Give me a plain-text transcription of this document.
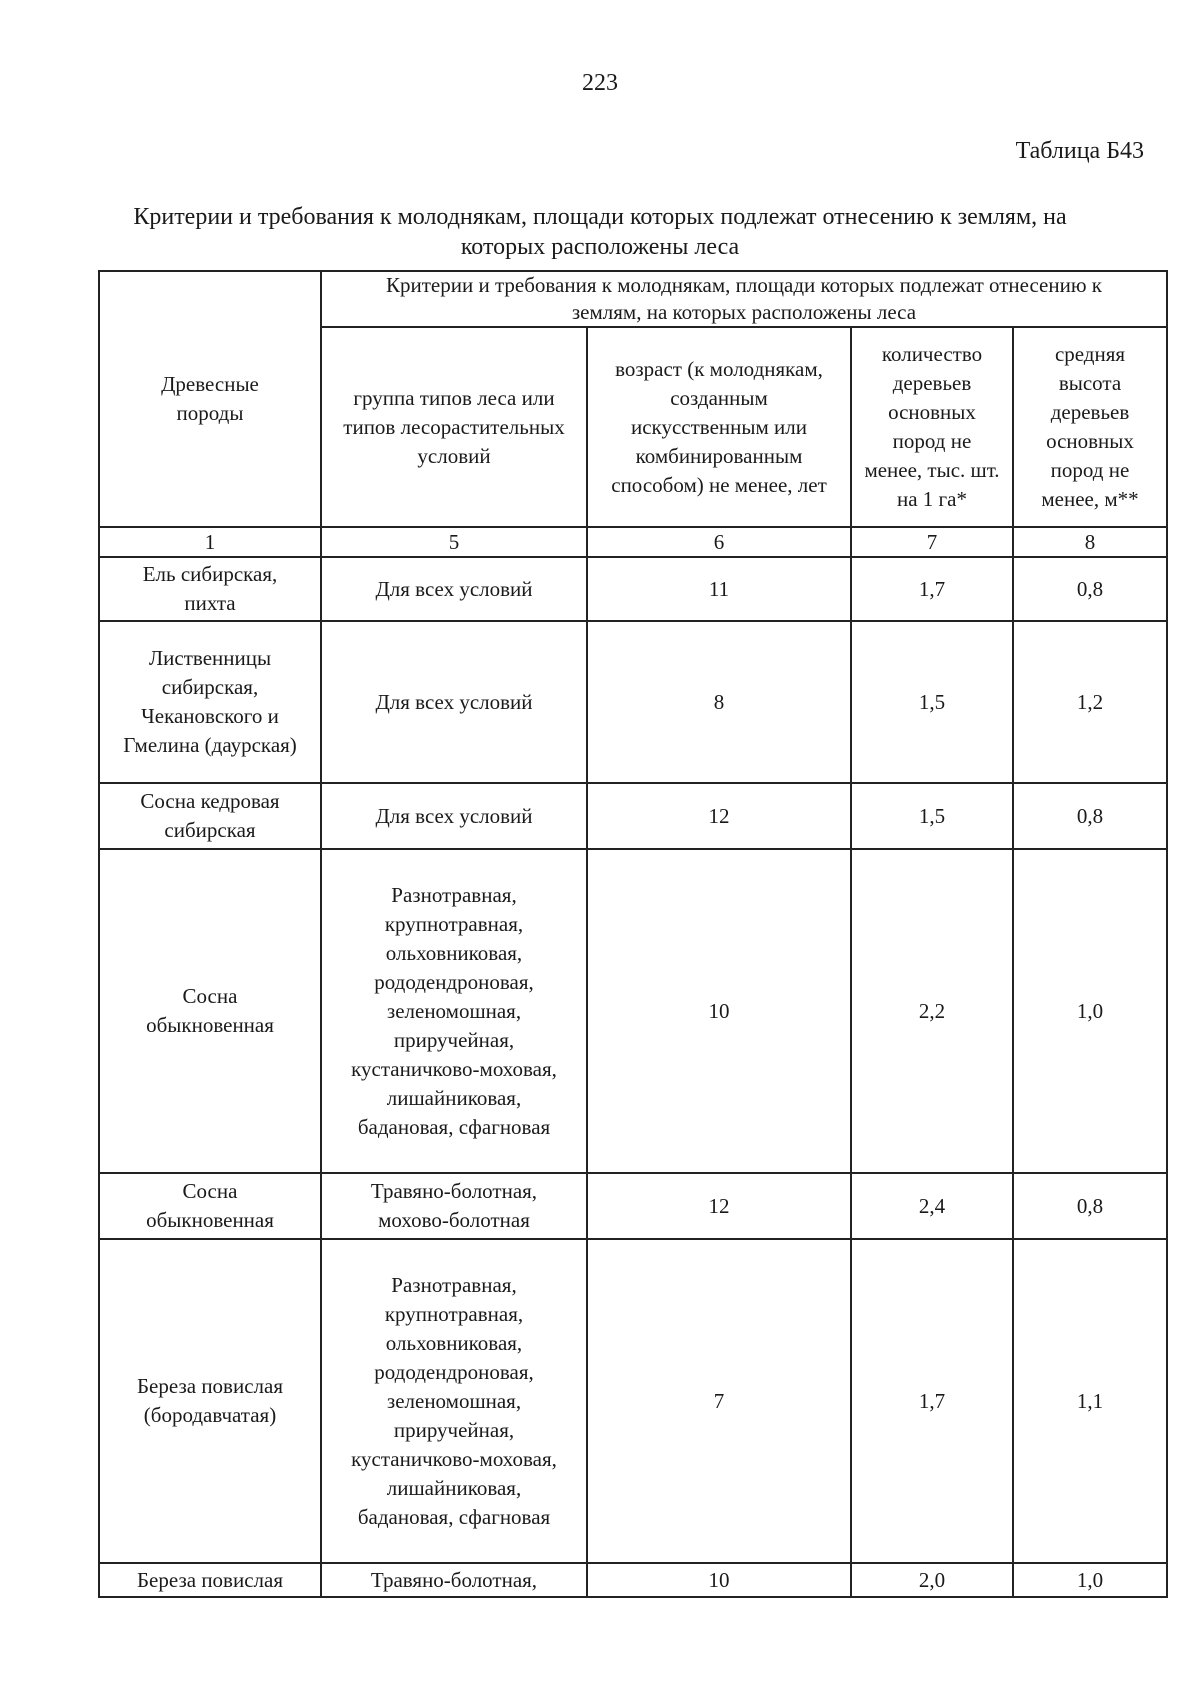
223
Таблица Б43
Критерии и требования к молоднякам, площади которых подлежат отнесению к землям, на которых расположены леса
Древесные породы	Критерии и требования к молоднякам, площади которых подлежат отнесению к землям, на которых расположены леса			
	группа типов леса или типов лесорастительных условий	возраст (к молоднякам, созданным искусственным или комбинированным способом) не менее, лет	количество деревьев основных пород не менее, тыс. шт. на 1 га*	средняя высота деревьев основных пород не менее, м**
1	5	6	7	8
Ель сибирская, пихта	Для всех условий	11	1,7	0,8
Лиственницы сибирская, Чекановского и Гмелина (даурская)	Для всех условий	8	1,5	1,2
Сосна кедровая сибирская	Для всех условий	12	1,5	0,8
Сосна обыкновенная	Разнотравная, крупнотравная, ольховниковая, рододендроновая, зеленомошная, приручейная, кустаничково-моховая, лишайниковая, бадановая, сфагновая	10	2,2	1,0
Сосна обыкновенная	Травяно-болотная, мохово-болотная	12	2,4	0,8
Береза повислая (бородавчатая)	Разнотравная, крупнотравная, ольховниковая, рододендроновая, зеленомошная, приручейная, кустаничково-моховая, лишайниковая, бадановая, сфагновая	7	1,7	1,1
Береза повислая	Травяно-болотная,	10	2,0	1,0
